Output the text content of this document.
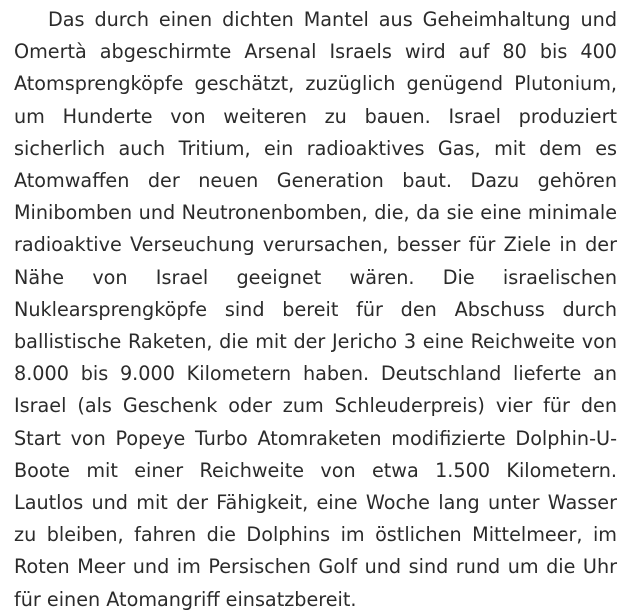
Das durch einen dichten Mantel aus Geheimhaltung und Omertà abgeschirmte Arsenal Israels wird auf 80 bis 400 Atomsprengköpfe geschätzt, zuzüglich genügend Plutonium, um Hunderte von weiteren zu bauen. Israel produziert sicherlich auch Tritium, ein radioaktives Gas, mit dem es Atomwaffen der neuen Generation baut. Dazu gehören Minibomben und Neutronenbomben, die, da sie eine minimale radioaktive Verseuchung verursachen, besser für Ziele in der Nähe von Israel geeignet wären. Die israelischen Nuklearsprengköpfe sind bereit für den Abschuss durch ballistische Raketen, die mit der Jericho 3 eine Reichweite von 8.000 bis 9.000 Kilometern haben. Deutschland lieferte an Israel (als Geschenk oder zum Schleuderpreis) vier für den Start von Popeye Turbo Atomraketen modifizierte Dolphin-U-Boote mit einer Reichweite von etwa 1.500 Kilometern. Lautlos und mit der Fähigkeit, eine Woche lang unter Wasser zu bleiben, fahren die Dolphins im östlichen Mittelmeer, im Roten Meer und im Persischen Golf und sind rund um die Uhr für einen Atomangriff einsatzbereit.
